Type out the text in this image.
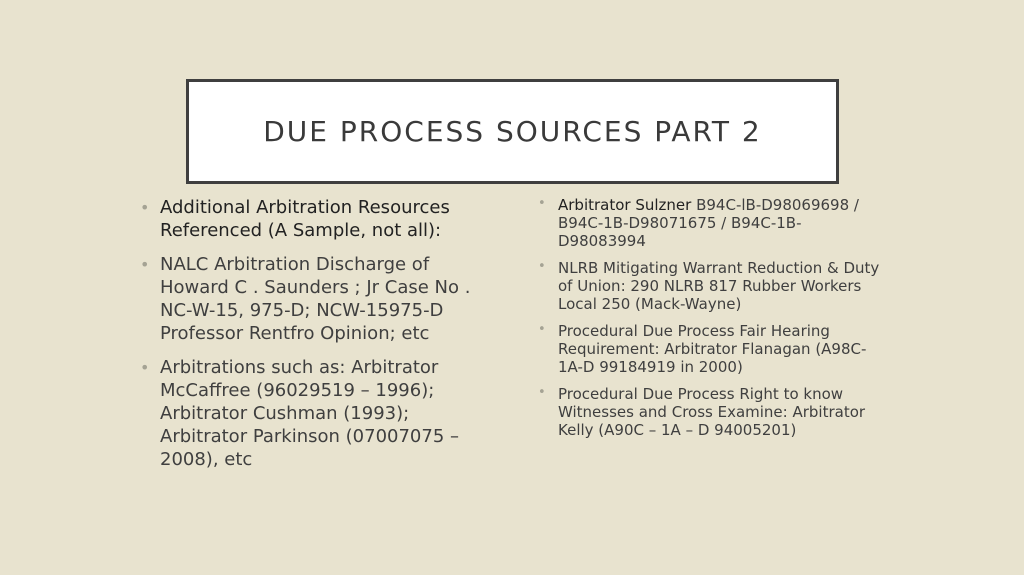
DUE PROCESS SOURCES PART 2

• Additional Arbitration Resources Referenced (A Sample, not all):

• NALC Arbitration Discharge of Howard C . Saunders ; Jr Case No . NC-W-15, 975-D; NCW-15975-D Professor Rentfro Opinion; etc

• Arbitrations such as: Arbitrator McCaffree (96029519 – 1996); Arbitrator Cushman (1993); Arbitrator Parkinson (07007075 – 2008), etc

• Arbitrator Sulzner B94C-lB-D98069698 / B94C-1B-D98071675 / B94C-1B-D98083994

• NLRB Mitigating Warrant Reduction & Duty of Union: 290 NLRB 817 Rubber Workers Local 250 (Mack-Wayne)

• Procedural Due Process Fair Hearing Requirement: Arbitrator Flanagan (A98C-1A-D 99184919 in 2000)

• Procedural Due Process Right to know Witnesses and Cross Examine: Arbitrator Kelly (A90C – 1A – D 94005201)
